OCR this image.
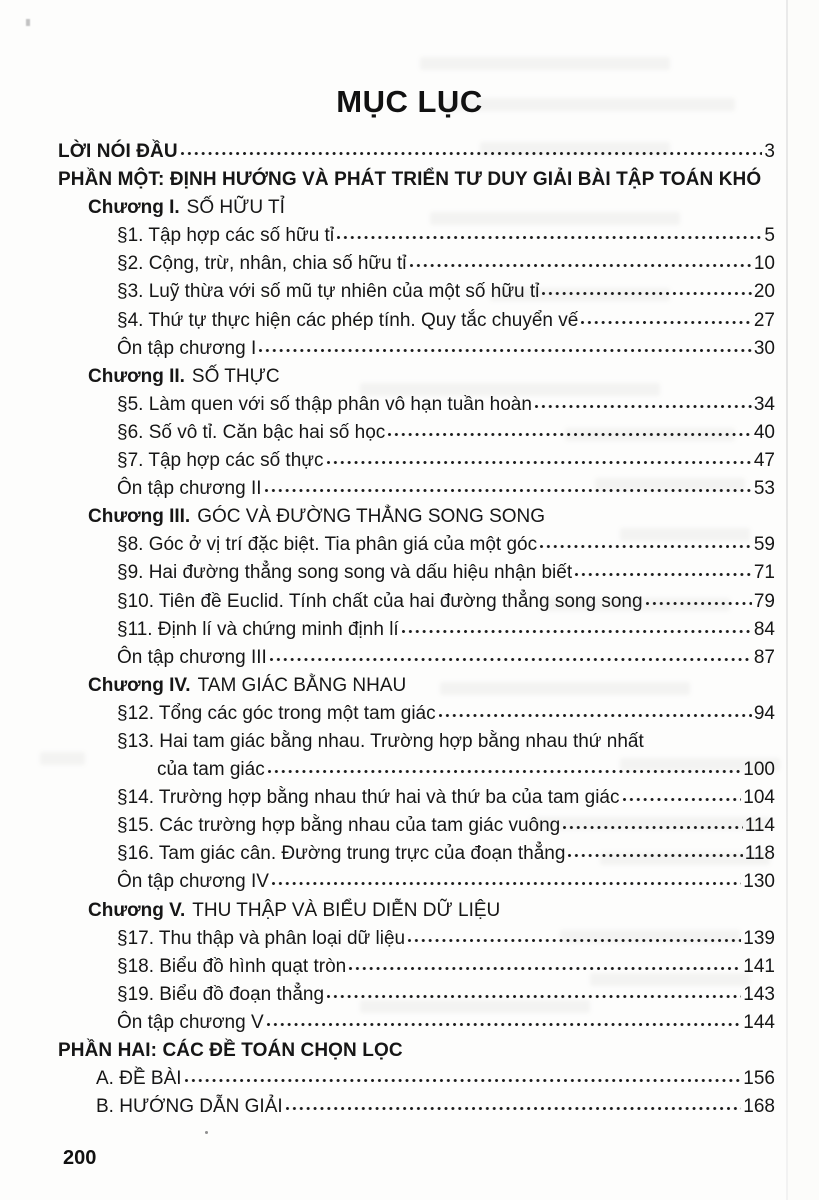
MỤC LỤC
LỜI NÓI ĐẦU	3
PHẦN MỘT: ĐỊNH HƯỚNG VÀ PHÁT TRIỂN TƯ DUY GIẢI BÀI TẬP TOÁN KHÓ
Chương I. SỐ HỮU TỈ
§1. Tập hợp các số hữu tỉ	5
§2. Cộng, trừ, nhân, chia số hữu tỉ	10
§3. Luỹ thừa với số mũ tự nhiên của một số hữu tỉ	20
§4. Thứ tự thực hiện các phép tính. Quy tắc chuyển vế	27
Ôn tập chương I	30
Chương II. SỐ THỰC
§5. Làm quen với số thập phân vô hạn tuần hoàn	34
§6. Số vô tỉ. Căn bậc hai số học	40
§7. Tập hợp các số thực	47
Ôn tập chương II	53
Chương III. GÓC VÀ ĐƯỜNG THẲNG SONG SONG
§8. Góc ở vị trí đặc biệt. Tia phân giá của một góc	59
§9. Hai đường thẳng song song và dấu hiệu nhận biết	71
§10. Tiên đề Euclid. Tính chất của hai đường thẳng song song	79
§11. Định lí và chứng minh định lí	84
Ôn tập chương III	87
Chương IV. TAM GIÁC BẰNG NHAU
§12. Tổng các góc trong một tam giác	94
§13. Hai tam giác bằng nhau. Trường hợp bằng nhau thứ nhất
của tam giác	100
§14. Trường hợp bằng nhau thứ hai và thứ ba của tam giác	104
§15. Các trường hợp bằng nhau của tam giác vuông	114
§16. Tam giác cân. Đường trung trực của đoạn thẳng	118
Ôn tập chương IV	130
Chương V. THU THẬP VÀ BIỂU DIỄN DỮ LIỆU
§17. Thu thập và phân loại dữ liệu	139
§18. Biểu đồ hình quạt tròn	141
§19. Biểu đồ đoạn thẳng	143
Ôn tập chương V	144
PHẦN HAI: CÁC ĐỀ TOÁN CHỌN LỌC
A. ĐỀ BÀI	156
B. HƯỚNG DẪN GIẢI	168
200
